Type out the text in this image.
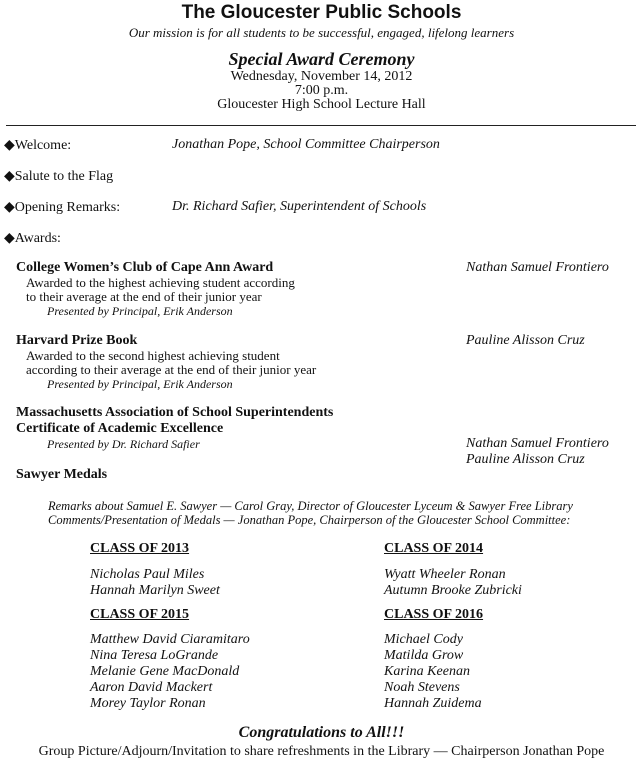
The Gloucester Public Schools
Our mission is for all students to be successful, engaged, lifelong learners
Special Award Ceremony
Wednesday, November 14, 2012
7:00 p.m.
Gloucester High School Lecture Hall
◆Welcome:	Jonathan Pope, School Committee Chairperson
◆Salute to the Flag
◆Opening Remarks:	Dr. Richard Safier, Superintendent of Schools
◆Awards:
College Women’s Club of Cape Ann Award	Nathan Samuel Frontiero
Awarded to the highest achieving student according
to their average at the end of their junior year
Presented by Principal, Erik Anderson
Harvard Prize Book	Pauline Alisson Cruz
Awarded to the second highest achieving student
according to their average at the end of their junior year
Presented by Principal, Erik Anderson
Massachusetts Association of School Superintendents
Certificate of Academic Excellence
Presented by Dr. Richard Safier	Nathan Samuel Frontiero
Pauline Alisson Cruz
Sawyer Medals
Remarks about Samuel E. Sawyer — Carol Gray, Director of Gloucester Lyceum & Sawyer Free Library
Comments/Presentation of Medals — Jonathan Pope, Chairperson of the Gloucester School Committee:
CLASS OF 2013
Nicholas Paul Miles
Hannah Marilyn Sweet
CLASS OF 2014
Wyatt Wheeler Ronan
Autumn Brooke Zubricki
CLASS OF 2015
Matthew David Ciaramitaro
Nina Teresa LoGrande
Melanie Gene MacDonald
Aaron David Mackert
Morey Taylor Ronan
CLASS OF 2016
Michael Cody
Matilda Grow
Karina Keenan
Noah Stevens
Hannah Zuidema
Congratulations to All!!!
Group Picture/Adjourn/Invitation to share refreshments in the Library — Chairperson Jonathan Pope
